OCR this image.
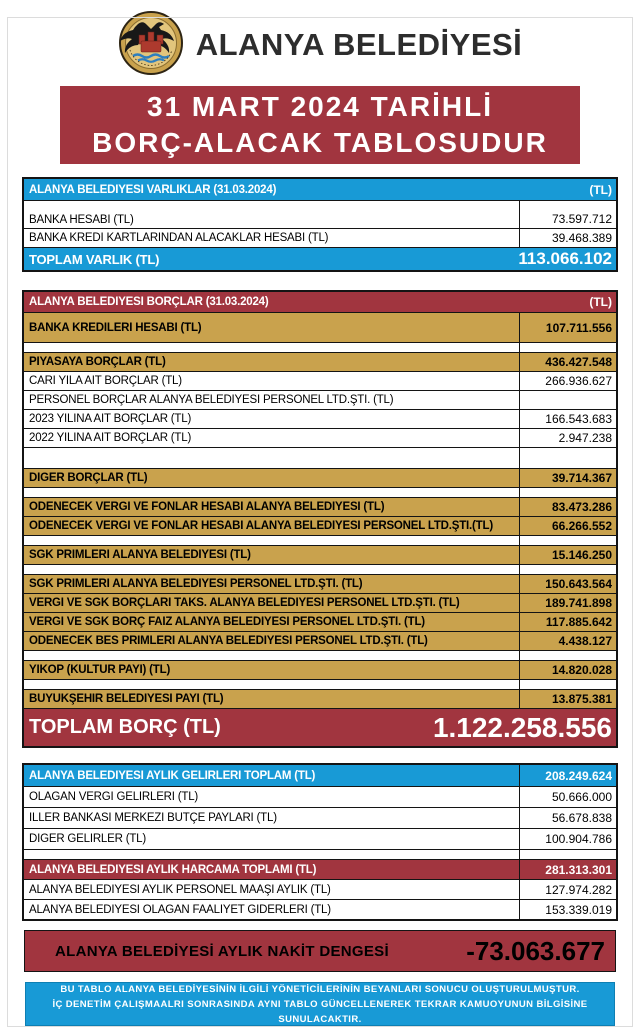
ALANYA BELEDİYESİ
31 MART 2024 TARİHLİ
BORÇ-ALACAK TABLOSUDUR
ALANYA BELEDİYESİ VARLIKLAR (31.03.2024)	(TL)
BANKA HESABI (TL)	73.597.712
BANKA KREDİ KARTLARINDAN ALACAKLAR HESABI (TL)	39.468.389
TOPLAM VARLIK (TL)	113.066.102
ALANYA BELEDİYESİ BORÇLAR (31.03.2024)	(TL)
BANKA KREDİLERİ HESABI (TL)	107.711.556
PİYASAYA BORÇLAR (TL)	436.427.548
CARİ YILA AİT BORÇLAR (TL)	266.936.627
PERSONEL BORÇLAR ALANYA BELEDİYESİ PERSONEL LTD.ŞTİ. (TL)
2023 YILINA AİT BORÇLAR (TL)	166.543.683
2022 YILINA AİT BORÇLAR (TL)	2.947.238
DİĞER BORÇLAR (TL)	39.714.367
ÖDENECEK VERGİ VE FONLAR HESABI ALANYA BELEDİYESİ (TL)	83.473.286
ÖDENECEK VERGİ VE FONLAR HESABI ALANYA BELEDİYESİ PERSONEL LTD.ŞTİ.(TL)	66.266.552
SGK PRİMLERİ ALANYA BELEDİYESİ (TL)	15.146.250
SGK PRİMLERİ ALANYA BELEDİYESİ PERSONEL LTD.ŞTİ. (TL)	150.643.564
VERGİ VE SGK BORÇLARI TAKS. ALANYA BELEDİYESİ PERSONEL LTD.ŞTİ. (TL)	189.741.898
VERGİ VE SGK BORÇ FAİZ ALANYA BELEDİYESİ PERSONEL LTD.ŞTİ. (TL)	117.885.642
ÖDENECEK BES PRİMLERİ ALANYA BELEDİYESİ PERSONEL LTD.ŞTİ. (TL)	4.438.127
YİKOP (KÜLTÜR PAYI) (TL)	14.820.028
BÜYÜKŞEHİR BELEDİYESİ PAYI (TL)	13.875.381
TOPLAM BORÇ (TL)	1.122.258.556
ALANYA BELEDİYESİ AYLIK GELİRLERİ TOPLAM (TL)	208.249.624
OLAĞAN VERGİ GELİRLERİ (TL)	50.666.000
İLLER BANKASI MERKEZİ BÜTÇE PAYLARI (TL)	56.678.838
DİĞER GELİRLER (TL)	100.904.786
ALANYA BELEDİYESİ AYLIK HARCAMA TOPLAMI (TL)	281.313.301
ALANYA BELEDİYESİ AYLIK PERSONEL MAAŞI AYLIK (TL)	127.974.282
ALANYA BELEDİYESİ OLAĞAN FAALİYET GİDERLERİ (TL)	153.339.019
ALANYA BELEDİYESİ AYLIK NAKİT DENGESİ	-73.063.677
BU TABLO ALANYA BELEDİYESİNİN İLGİLİ YÖNETİCİLERİNİN BEYANLARI SONUCU OLUŞTURULMUŞTUR.
İÇ DENETİM ÇALIŞMAALRI SONRASINDA AYNI TABLO GÜNCELLENEREK TEKRAR KAMUOYUNUN BİLGİSİNE SUNULACAKTIR.
